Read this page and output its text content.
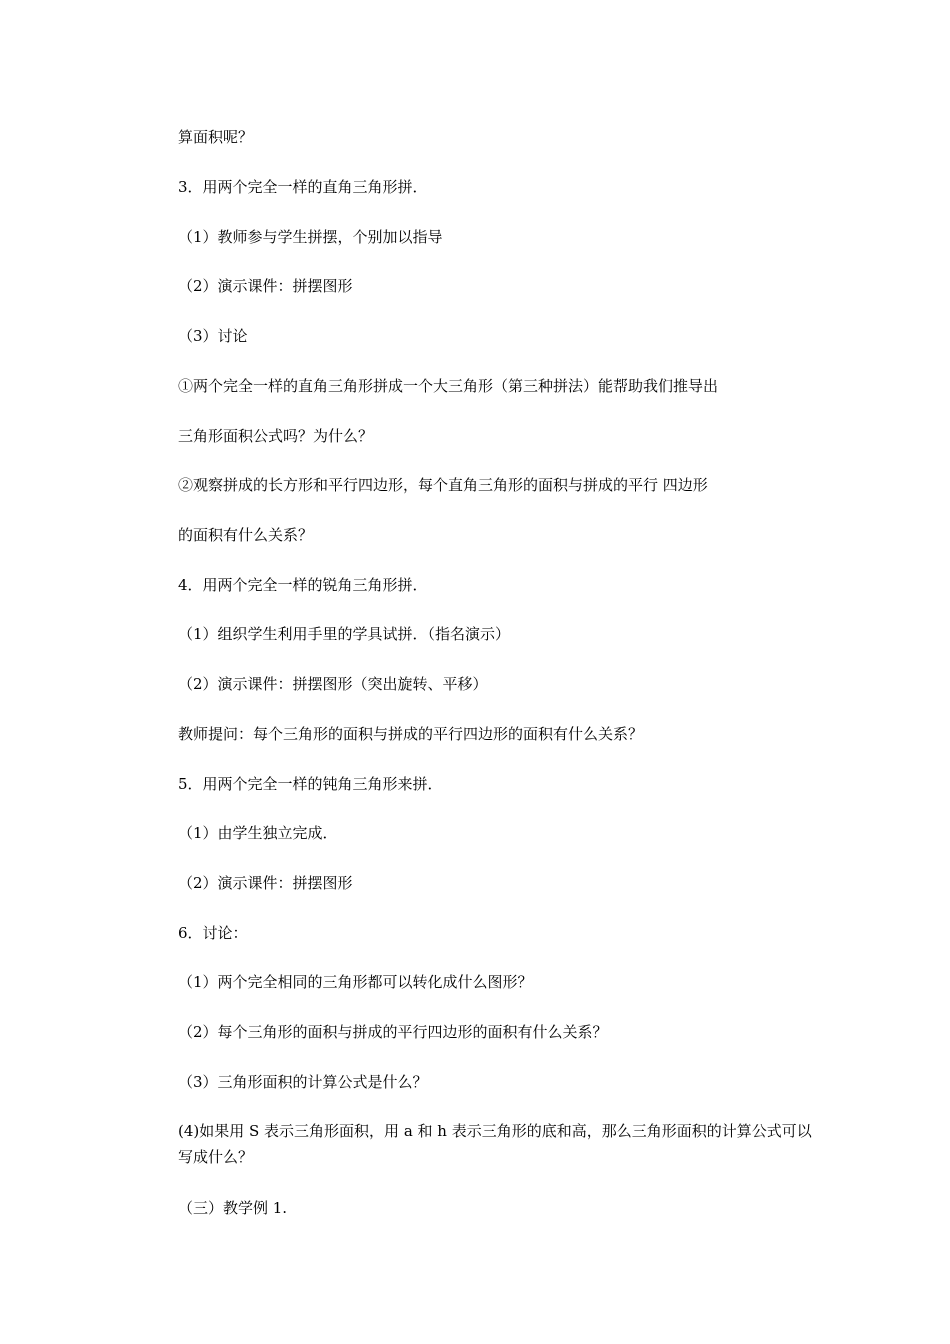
算面积呢？
3．用两个完全一样的直角三角形拼．
（1）教师参与学生拼摆，个别加以指导
（2）演示课件：拼摆图形
（3）讨论
①两个完全一样的直角三角形拼成一个大三角形（第三种拼法）能帮助我们推导出
三角形面积公式吗？为什么？
②观察拼成的长方形和平行四边形，每个直角三角形的面积与拼成的平行 四边形
的面积有什么关系？
4．用两个完全一样的锐角三角形拼．
（1）组织学生利用手里的学具试拼．（指名演示）
（2）演示课件：拼摆图形（突出旋转、平移）
教师提问：每个三角形的面积与拼成的平行四边形的面积有什么关系？
5．用两个完全一样的钝角三角形来拼．
（1）由学生独立完成．
（2）演示课件：拼摆图形
6．讨论：
（1）两个完全相同的三角形都可以转化成什么图形？
（2）每个三角形的面积与拼成的平行四边形的面积有什么关系？
（3）三角形面积的计算公式是什么？
(4)如果用 S 表示三角形面积，用 a 和 h 表示三角形的底和高，那么三角形面积的计算公式可以写成什么？
（三）教学例 1.
